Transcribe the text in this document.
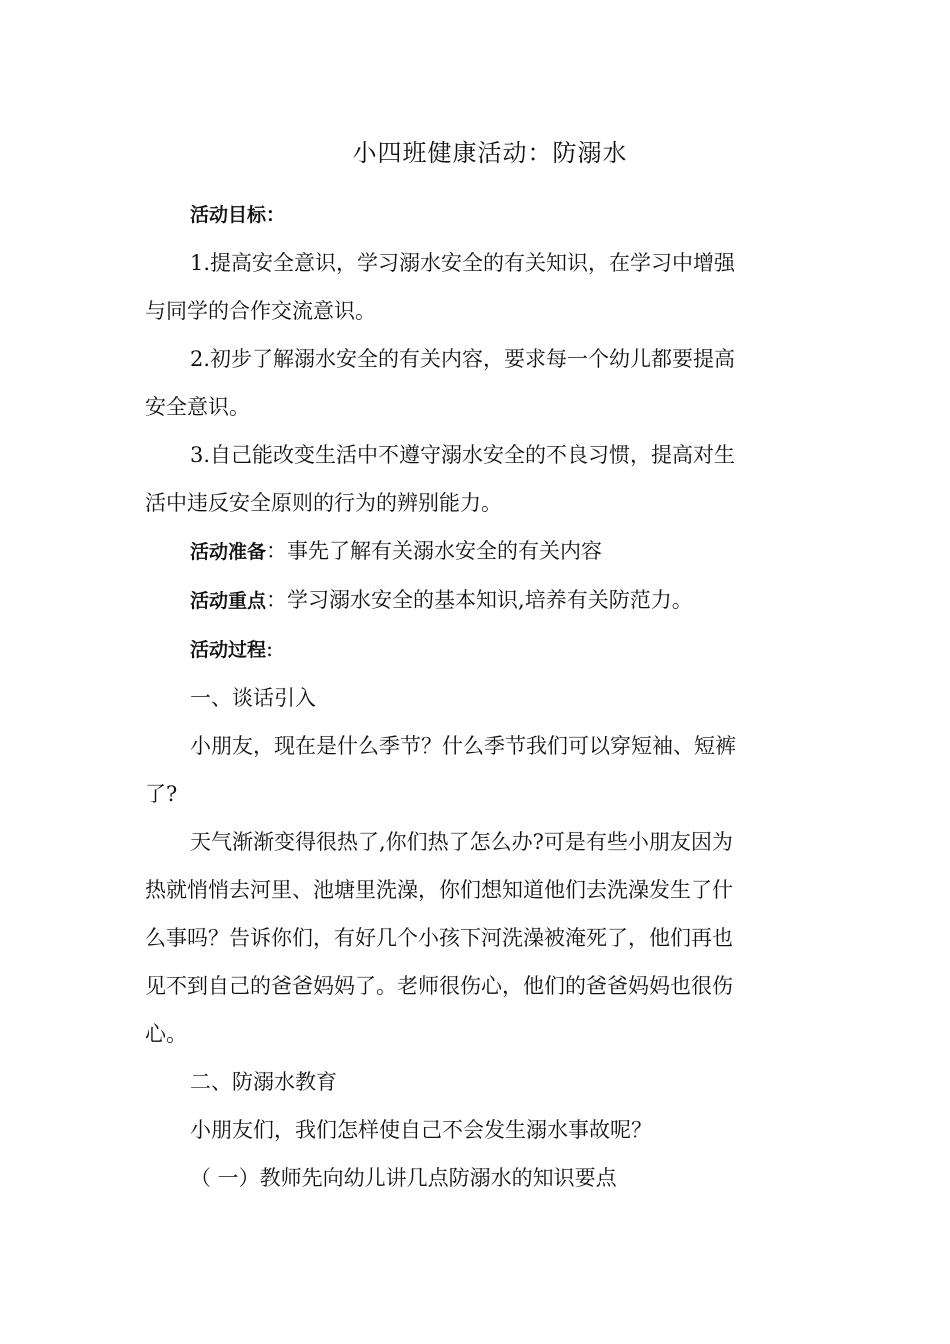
小四班健康活动：防溺水

活动目标：

1.提高安全意识，学习溺水安全的有关知识，在学习中增强与同学的合作交流意识。

2.初步了解溺水安全的有关内容，要求每一个幼儿都要提高安全意识。

3.自己能改变生活中不遵守溺水安全的不良习惯，提高对生活中违反安全原则的行为的辨别能力。

活动准备：事先了解有关溺水安全的有关内容

活动重点：学习溺水安全的基本知识,培养有关防范力。

活动过程:

一、谈话引入

小朋友，现在是什么季节？什么季节我们可以穿短袖、短裤了?

天气渐渐变得很热了,你们热了怎么办?可是有些小朋友因为热就悄悄去河里、池塘里洗澡，你们想知道他们去洗澡发生了什么事吗？告诉你们，有好几个小孩下河洗澡被淹死了，他们再也见不到自己的爸爸妈妈了。老师很伤心，他们的爸爸妈妈也很伤心。

二、防溺水教育

小朋友们，我们怎样使自己不会发生溺水事故呢？

（ 一）教师先向幼儿讲几点防溺水的知识要点
